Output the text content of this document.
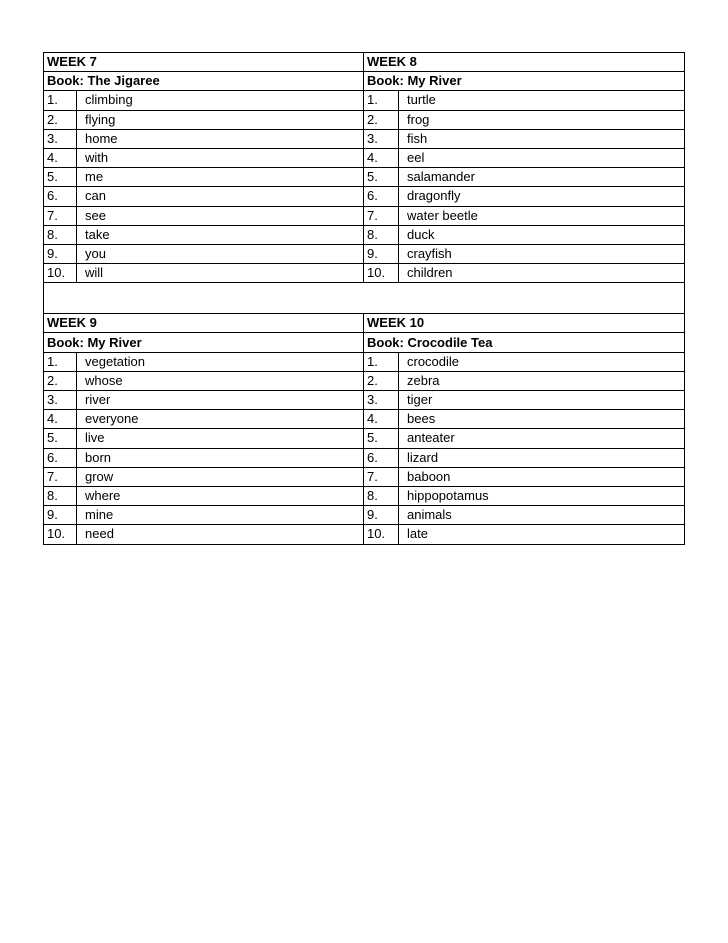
WEEK 7		WEEK 8	
Book: The Jigaree		Book: My River	
1.	climbing	1.	turtle
2.	flying	2.	frog
3.	home	3.	fish
4.	with	4.	eel
5.	me	5.	salamander
6.	can	6.	dragonfly
7.	see	7.	water beetle
8.	take	8.	duck
9.	you	9.	crayfish
10.	will	10.	children

WEEK 9		WEEK 10	
Book: My River		Book: Crocodile Tea	
1.	vegetation	1.	crocodile
2.	whose	2.	zebra
3.	river	3.	tiger
4.	everyone	4.	bees
5.	live	5.	anteater
6.	born	6.	lizard
7.	grow	7.	baboon
8.	where	8.	hippopotamus
9.	mine	9.	animals
10.	need	10.	late
